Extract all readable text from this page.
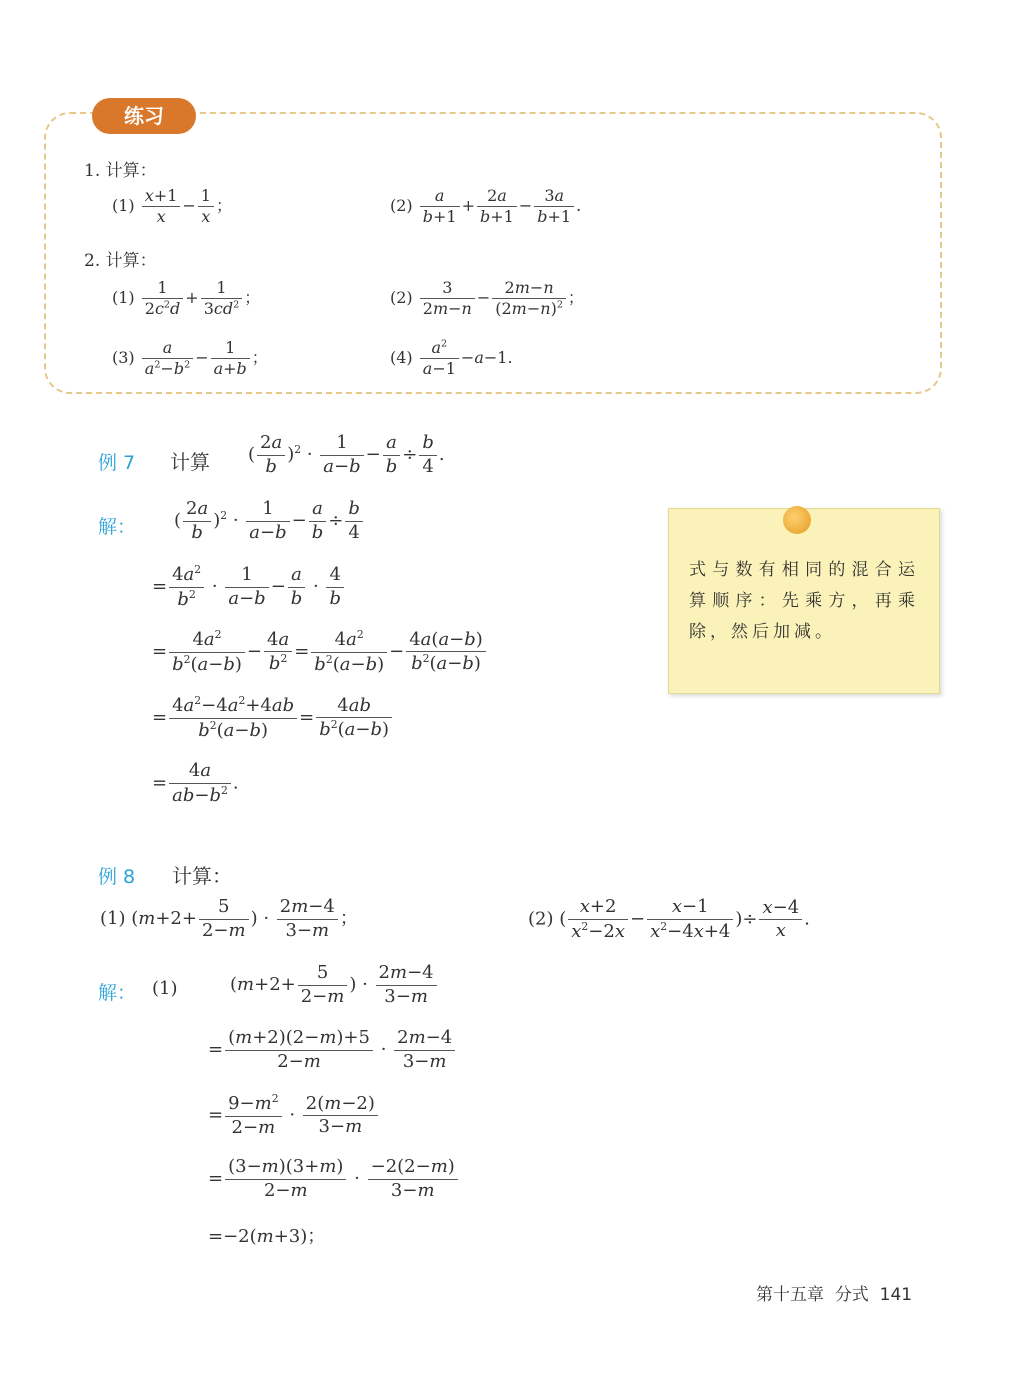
练习
1. 计算：
$(1) \frac{x+1}{x} - \frac{1}{x}$ ；	$(2) \frac{a}{b+1} + \frac{2a}{b+1} - \frac{3a}{b+1}$ .
2. 计算：
$(1) \frac{1}{2c^2d} + \frac{1}{3cd^2}$ ；	$(2) \frac{3}{2m-n} - \frac{2m-n}{(2m-n)^2}$ ；
$(3) \frac{a}{a^2-b^2} - \frac{1}{a+b}$ ；	$(4) \frac{a^2}{a-1} -a-1$.
例 7 计算 ( $\frac{2a}{b} )^2 \cdot \frac{1}{a-b} - \frac{a}{b} \div \frac{b}{4}$ .
解： ( $\frac{2a}{b} )^2 \cdot \frac{1}{a-b} - \frac{a}{b} \div \frac{b}{4}$
= $\frac{4a^2}{b^2} \cdot \frac{1}{a-b} - \frac{a}{b} \cdot \frac{4}{b}$
= $\frac{4a^2}{b^2(a-b)} - \frac{4a}{b^2} = \frac{4a^2}{b^2(a-b)} - \frac{4a(a-b)}{b^2(a-b)}$
= $\frac{4a^2-4a^2+4ab}{b^2(a-b)} = \frac{4ab}{b^2(a-b)}$
= $\frac{4a}{ab-b^2}$ .
式与数有相同的混合运算顺序：先乘方，再乘除，然后加减。
例 8 计算：
(1) ($m+2+ \frac{5}{2-m}$ ) · $\frac{2m-4}{3-m}$ ；	(2) ( $\frac{x+2}{x^2-2x} - \frac{x-1}{x^2-4x+4}$ )÷ $\frac{x-4}{x}$ .
解： (1)	($m+2+ \frac{5}{2-m}$ ) · $\frac{2m-4}{3-m}$
= $\frac{(m+2)(2-m)+5}{2-m} \cdot \frac{2m-4}{3-m}$
= $\frac{9-m^2}{2-m} \cdot \frac{2(m-2)}{3-m}$
= $\frac{(3-m)(3+m)}{2-m} \cdot \frac{-2(2-m)}{3-m}$
=−2(m+3)；
第十五章 分式 141
